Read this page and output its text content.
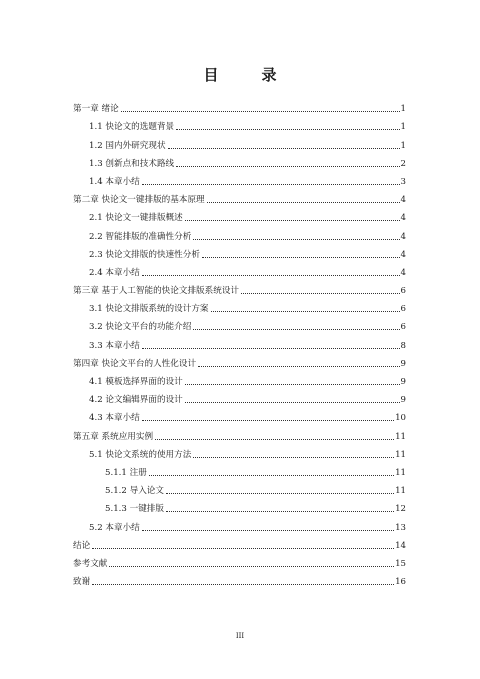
目　录
第一章 绪论	1
1.1 快论文的选题背景	1
1.2 国内外研究现状	1
1.3 创新点和技术路线	2
1.4 本章小结	3
第二章 快论文一键排版的基本原理	4
2.1 快论文一键排版概述	4
2.2 智能排版的准确性分析	4
2.3 快论文排版的快速性分析	4
2.4 本章小结	4
第三章 基于人工智能的快论文排版系统设计	6
3.1 快论文排版系统的设计方案	6
3.2 快论文平台的功能介绍	6
3.3 本章小结	8
第四章 快论文平台的人性化设计	9
4.1 模板选择界面的设计	9
4.2 论文编辑界面的设计	9
4.3 本章小结	10
第五章 系统应用实例	11
5.1 快论文系统的使用方法	11
5.1.1 注册	11
5.1.2 导入论文	11
5.1.3 一键排版	12
5.2 本章小结	13
结论	14
参考文献	15
致谢	16
III
